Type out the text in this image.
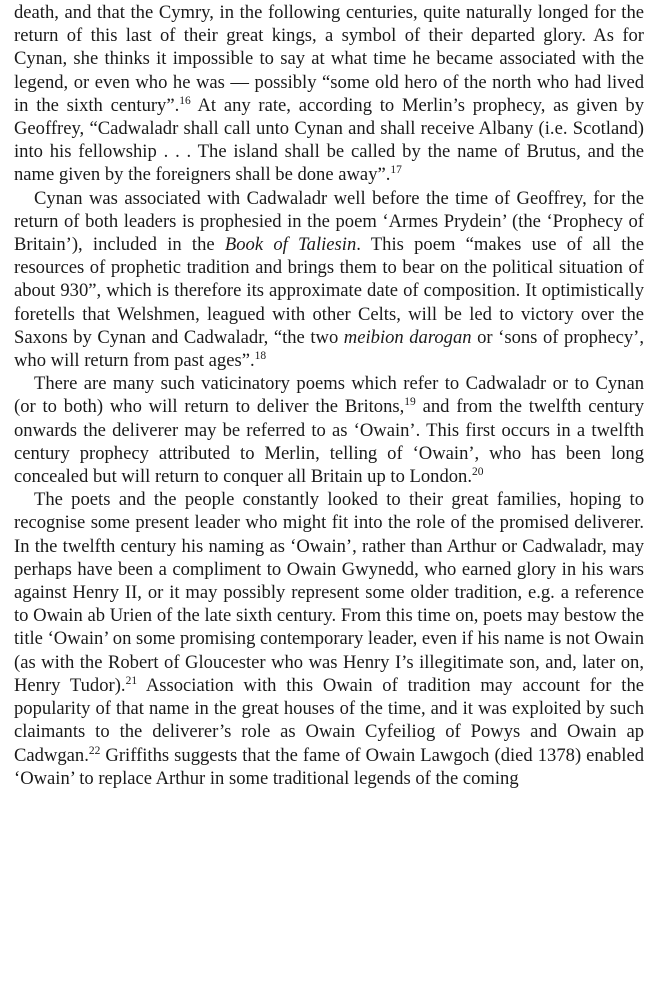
death, and that the Cymry, in the following centuries, quite naturally longed for the return of this last of their great kings, a symbol of their departed glory. As for Cynan, she thinks it impossible to say at what time he became associated with the legend, or even who he was — possibly “some old hero of the north who had lived in the sixth century”.$^{16}$ At any rate, according to Merlin’s prophecy, as given by Geoffrey, “Cadwaladr shall call unto Cynan and shall receive Albany (i.e. Scotland) into his fellowship . . . The island shall be called by the name of Brutus, and the name given by the foreigners shall be done away”.$^{17}$

Cynan was associated with Cadwaladr well before the time of Geoffrey, for the return of both leaders is prophesied in the poem ‘Armes Prydein’ (the ‘Prophecy of Britain’), included in the Book of Taliesin. This poem “makes use of all the resources of prophetic tradition and brings them to bear on the political situation of about 930”, which is therefore its approximate date of composition. It optimistically foretells that Welshmen, leagued with other Celts, will be led to victory over the Saxons by Cynan and Cadwaladr, “the two meibion darogan or ‘sons of prophecy’, who will return from past ages”.$^{18}$

There are many such vaticinatory poems which refer to Cadwaladr or to Cynan (or to both) who will return to deliver the Britons,$^{19}$ and from the twelfth century onwards the deliverer may be referred to as ‘Owain’. This first occurs in a twelfth century prophecy attributed to Merlin, telling of ‘Owain’, who has been long concealed but will return to conquer all Britain up to London.$^{20}$

The poets and the people constantly looked to their great families, hoping to recognise some present leader who might fit into the role of the promised deliverer. In the twelfth century his naming as ‘Owain’, rather than Arthur or Cadwaladr, may perhaps have been a compliment to Owain Gwynedd, who earned glory in his wars against Henry II, or it may possibly represent some older tradition, e.g. a reference to Owain ab Urien of the late sixth century. From this time on, poets may bestow the title ‘Owain’ on some promising contemporary leader, even if his name is not Owain (as with the Robert of Gloucester who was Henry I’s illegitimate son, and, later on, Henry Tudor).$^{21}$ Association with this Owain of tradition may account for the popularity of that name in the great houses of the time, and it was exploited by such claimants to the deliverer’s role as Owain Cyfeiliog of Powys and Owain ap Cadwgan.$^{22}$ Griffiths suggests that the fame of Owain Lawgoch (died 1378) enabled ‘Owain’ to replace Arthur in some traditional legends of the coming
